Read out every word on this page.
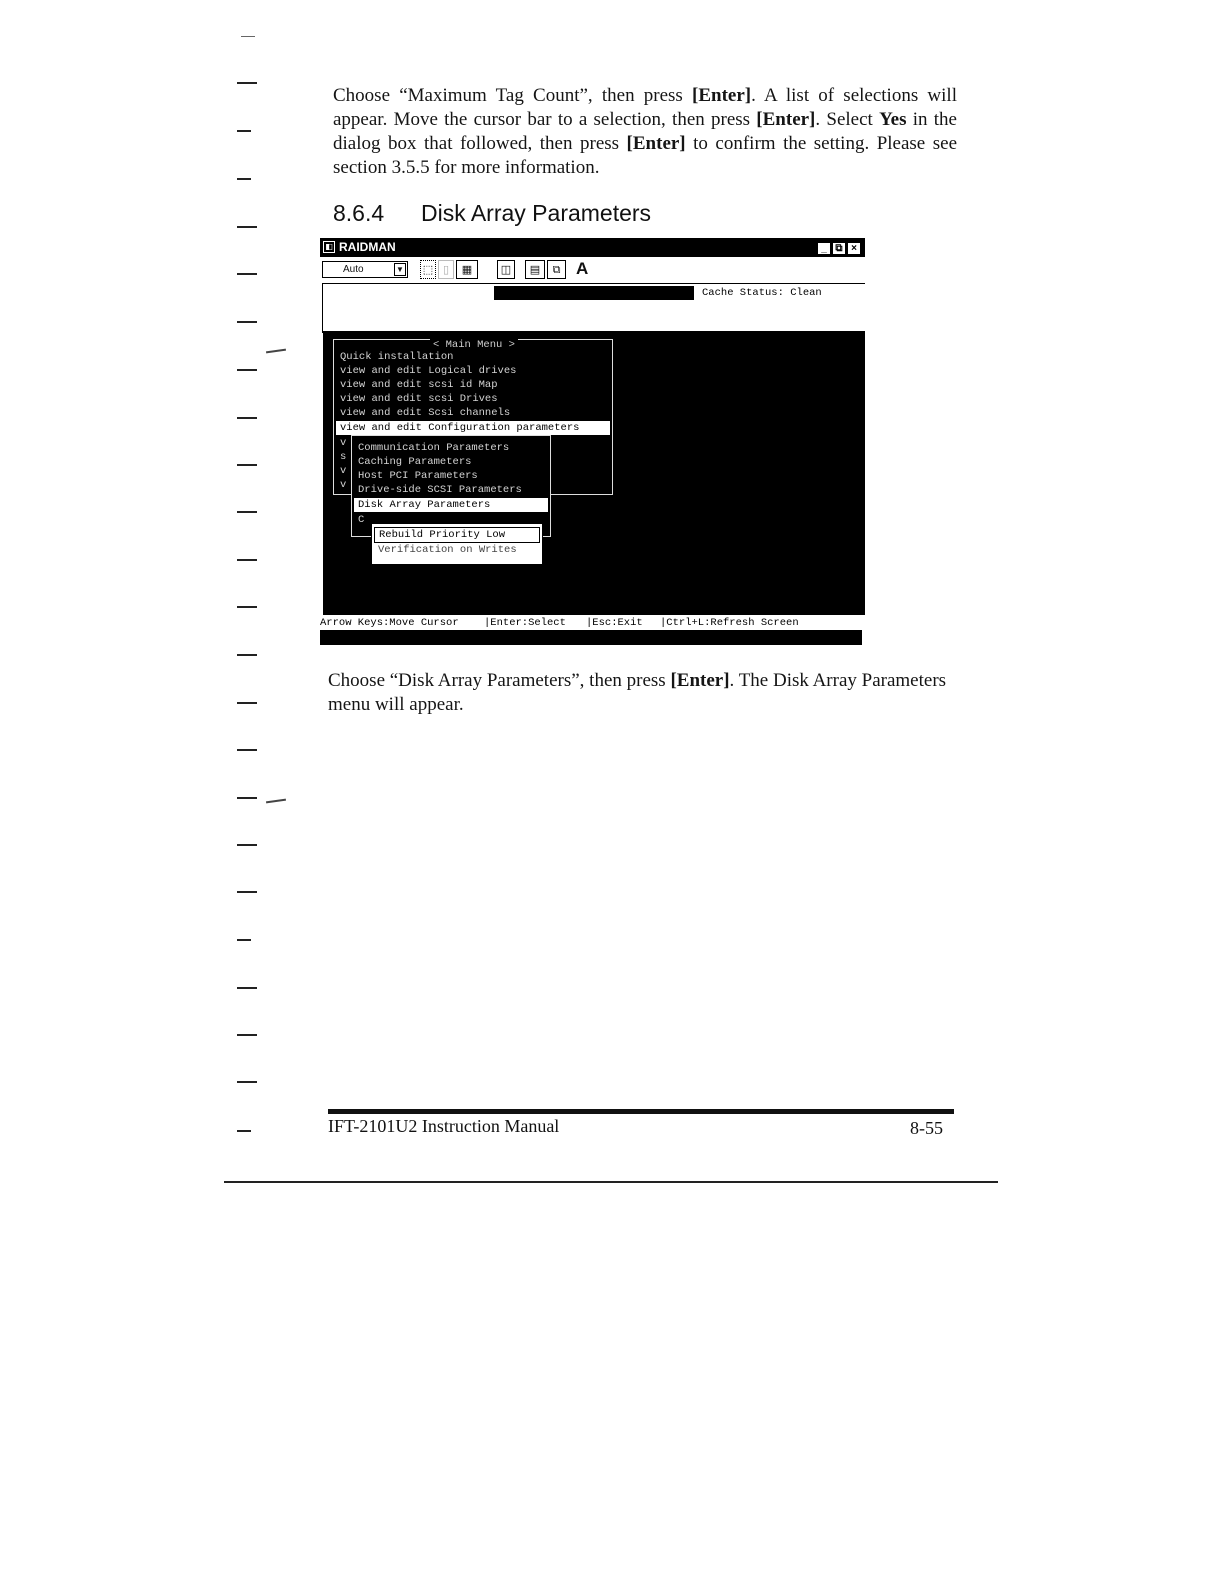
Choose “Maximum Tag Count”, then press [Enter]. A list of selections will appear. Move the cursor bar to a selection, then press [Enter]. Select Yes in the dialog box that followed, then press [Enter] to confirm the setting. Please see section 3.5.5 for more information.

8.6.4 Disk Array Parameters
◧ RAIDMAN	_ ⧉ ×
Auto	▼ ⬚ ▯	▦	◫	▤	⧉ A
Cache Status: Clean

< Main Menu >

Quick installation

view and edit Logical drives

view and edit scsi id Map

view and edit scsi Drives

view and edit Scsi channels

view and edit Configuration parameters

v

s

v

v

Communication Parameters

Caching Parameters

Host PCI Parameters

Drive-side SCSI Parameters

Disk Array Parameters

C

Rebuild Priority Low

Verification on Writes

Arrow Keys:Move Cursor

|Enter:Select

|Esc:Exit

|Ctrl+L:Refresh Screen

Choose “Disk Array Parameters”, then press [Enter]. The Disk Array Parameters menu will appear.

IFT-2101U2 Instruction Manual	8-55
